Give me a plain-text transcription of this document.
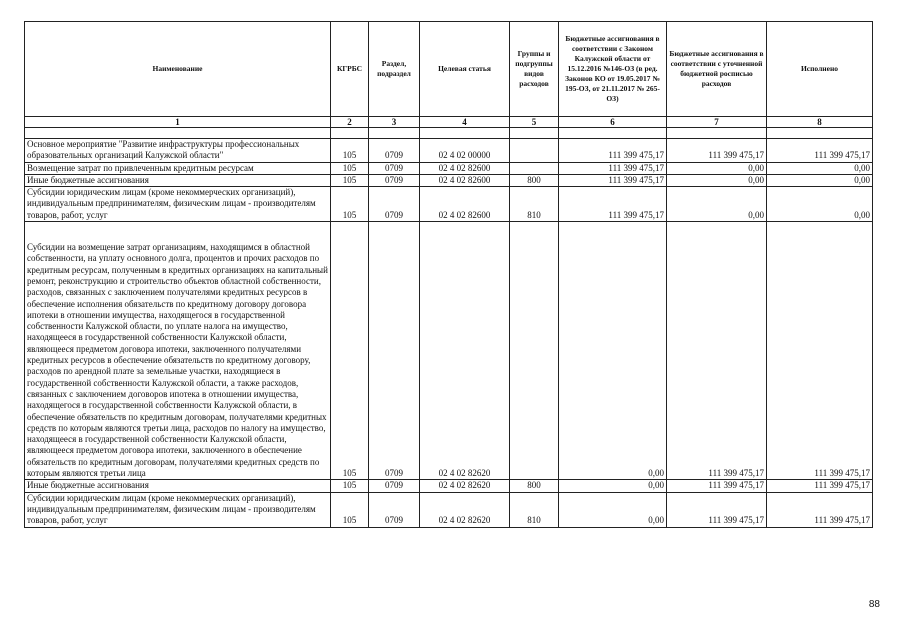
Наименование	КГРБС	Раздел, подраздел	Целевая статья	Группы и подгруппы видов расходов	Бюджетные ассигнования в соответствии с Законом Калужской области от 15.12.2016 №146-ОЗ (в ред. Законов КО от 19.05.2017 № 195-ОЗ, от 21.11.2017 № 265-ОЗ)	Бюджетные ассигнования в соответствии с уточненной бюджетной росписью расходов	Исполнено
1	2	3	4	5	6	7	8

Основное мероприятие "Развитие инфраструктуры профессиональных образовательных организаций Калужской области"	105	0709	02 4 02 00000		111 399 475,17	111 399 475,17	111 399 475,17
Возмещение затрат по привлеченным кредитным ресурсам	105	0709	02 4 02 82600		111 399 475,17	0,00	0,00
Иные бюджетные ассигнования	105	0709	02 4 02 82600	800	111 399 475,17	0,00	0,00
Субсидии юридическим лицам (кроме некоммерческих организаций), индивидуальным предпринимателям, физическим лицам - производителям товаров, работ, услуг	105	0709	02 4 02 82600	810	111 399 475,17	0,00	0,00
Субсидии на возмещение затрат организациям, находящимся в областной собственности, на уплату основного долга, процентов и прочих расходов по кредитным ресурсам, полученным в кредитных организациях на капитальный ремонт, реконструкцию и строительство объектов областной собственности, расходов, связанных с заключением получателями кредитных ресурсов в обеспечение исполнения обязательств по кредитному договору договора ипотеки в отношении имущества, находящегося в государственной собственности Калужской области, по уплате налога на имущество, находящееся в государственной собственности Калужской области, являющееся предметом договора ипотеки, заключенного получателями кредитных ресурсов в обеспечение обязательств по кредитному договору, расходов по арендной плате за земельные участки, находящиеся в государственной собственности Калужской области, а также расходов, связанных с заключением договоров ипотека в отношении имущества, находящегося в государственной собственности Калужской области, в обеспечение обязательств по кредитным договорам, получателями кредитных средств по которым являются третьи лица, расходов по налогу на имущество, находящееся в государственной собственности Калужской области, являющееся предметом договора ипотеки, заключенного в обеспечение обязательств по кредитным договорам, получателями кредитных средств по которым являются третьи лица	105	0709	02 4 02 82620		0,00	111 399 475,17	111 399 475,17
Иные бюджетные ассигнования	105	0709	02 4 02 82620	800	0,00	111 399 475,17	111 399 475,17
Субсидии юридическим лицам (кроме некоммерческих организаций), индивидуальным предпринимателям, физическим лицам - производителям товаров, работ, услуг	105	0709	02 4 02 82620	810	0,00	111 399 475,17	111 399 475,17
88
